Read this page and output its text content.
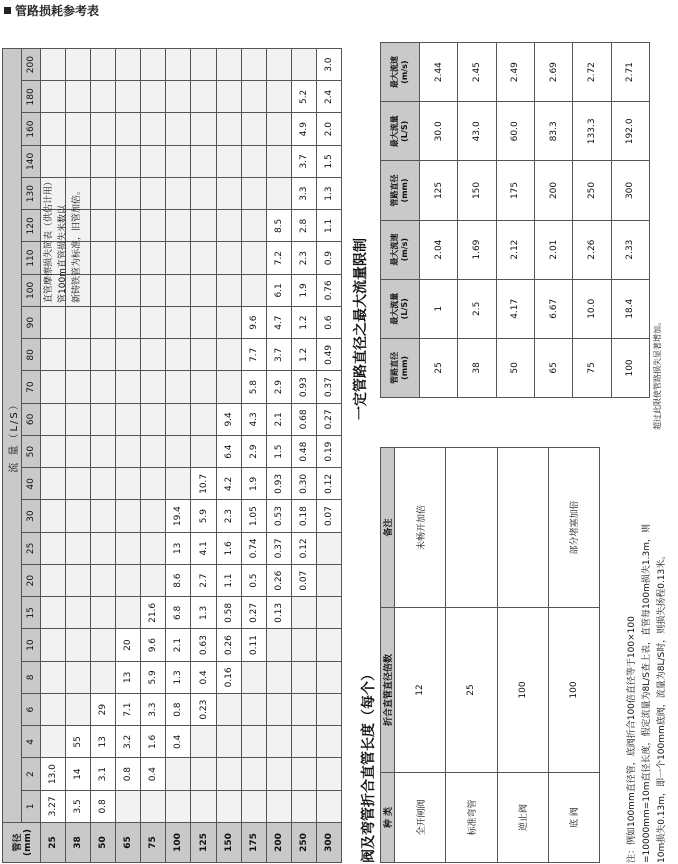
管路损耗参考表
管径
(mm)	流 量（L/S）																							
	1	2	4	6	8	10	15	20	25	30	40	50	60	70	80	90	100	110	120	130	140	160	180	200
25	3.27	13.0																						
38	3.5	14	55																					
50	0.8	3.1	13	29																				
65		0.8	3.2	7.1	13	20																		
75		0.4	1.6	3.3	5.9	9.6	21.6																	
100			0.4	0.8	1.3	2.1	6.8	8.6	13	19.4														
125				0.23	0.4	0.63	1.3	2.7	4.1	5.9	10.7													
150					0.16	0.26	0.58	1.1	1.6	2.3	4.2	6.4	9.4											
175						0.11	0.27	0.5	0.74	1.05	1.9	2.9	4.3	5.8	7.7	9.6								
200							0.13	0.26	0.37	0.53	0.93	1.5	2.1	2.9	3.7	4.7	6.1	7.2	8.5					
250								0.07	0.12	0.18	0.30	0.48	0.68	0.93	1.2	1.2	1.9	2.3	2.8	3.3	3.7	4.9	5.2	
300										0.07	0.12	0.19	0.27	0.37	0.49	0.6	0.76	0.9	1.1	1.3	1.5	2.0	2.4	3.0
直管摩擦损失简表（供估计用） 管100m直管损失米数以 新铸铁管为标准，旧管加倍。
阀及弯管折合直管长度（每个） 种 类	折合直管直径倍数	备注
全开闸阀	12	未畅开加倍
标准弯管	25	
逆止阀	100	
底 阀	100	部分堵塞加倍
注：例如100mm直径管，底阀折合100倍直径等于100×100 =10000mm=10m直径长度，假定流量为8L/S查上表，直管每100m损失1.3m，则 10m损失0.13m，即一个100mm底阀，流量为8L/S时，则损失扬程0.13米。
一定管路直径之最大流量限制	管路直径
(mm)	最大流量
(L/S)	最大流速
(m/s)	管路直径
(mm)	最大流量
(L/S)	最大流速
(m/s)
25	1	2.04	125	30.0	2.44
38	2.5	1.69	150	43.0	2.45
50	4.17	2.12	175	60.0	2.49
65	6.67	2.01	200	83.3	2.69
75	10.0	2.26	250	133.3	2.72
100	18.4	2.33	300	192.0	2.71
超过此限使管路损失显著增加。
